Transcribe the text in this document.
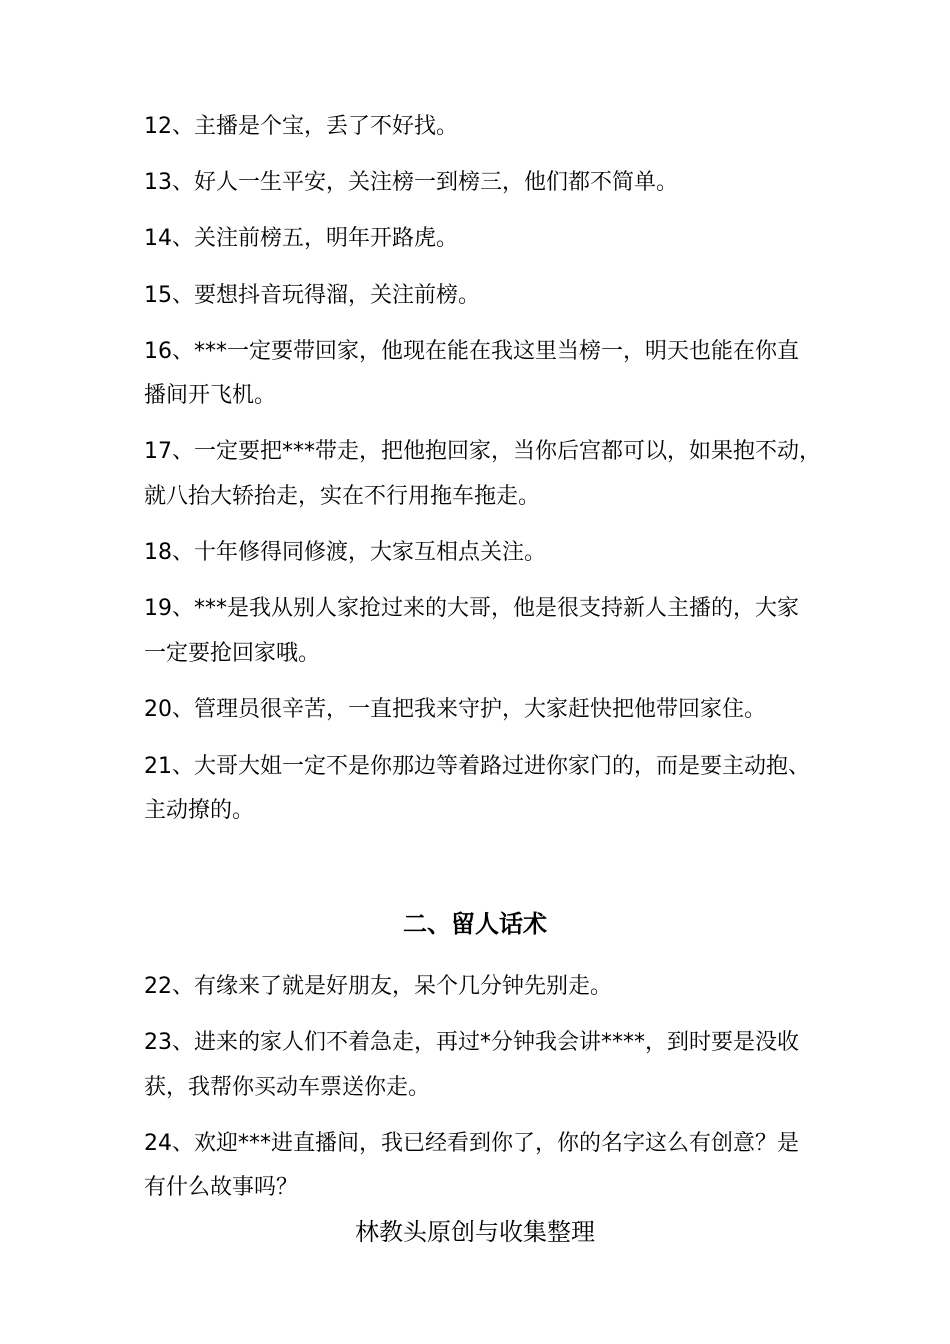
12、主播是个宝，丢了不好找。
13、好人一生平安，关注榜一到榜三，他们都不简单。
14、关注前榜五，明年开路虎。
15、要想抖音玩得溜，关注前榜。
16、***一定要带回家，他现在能在我这里当榜一，明天也能在你直
播间开飞机。
17、一定要把***带走，把他抱回家，当你后宫都可以，如果抱不动，
就八抬大轿抬走，实在不行用拖车拖走。
18、十年修得同修渡，大家互相点关注。
19、***是我从别人家抢过来的大哥，他是很支持新人主播的，大家
一定要抢回家哦。
20、管理员很辛苦，一直把我来守护，大家赶快把他带回家住。
21、大哥大姐一定不是你那边等着路过进你家门的，而是要主动抱、
主动撩的。
二、留人话术
22、有缘来了就是好朋友，呆个几分钟先别走。
23、进来的家人们不着急走，再过*分钟我会讲****，到时要是没收
获，我帮你买动车票送你走。
24、欢迎***进直播间，我已经看到你了，你的名字这么有创意？是
有什么故事吗？
林教头原创与收集整理
